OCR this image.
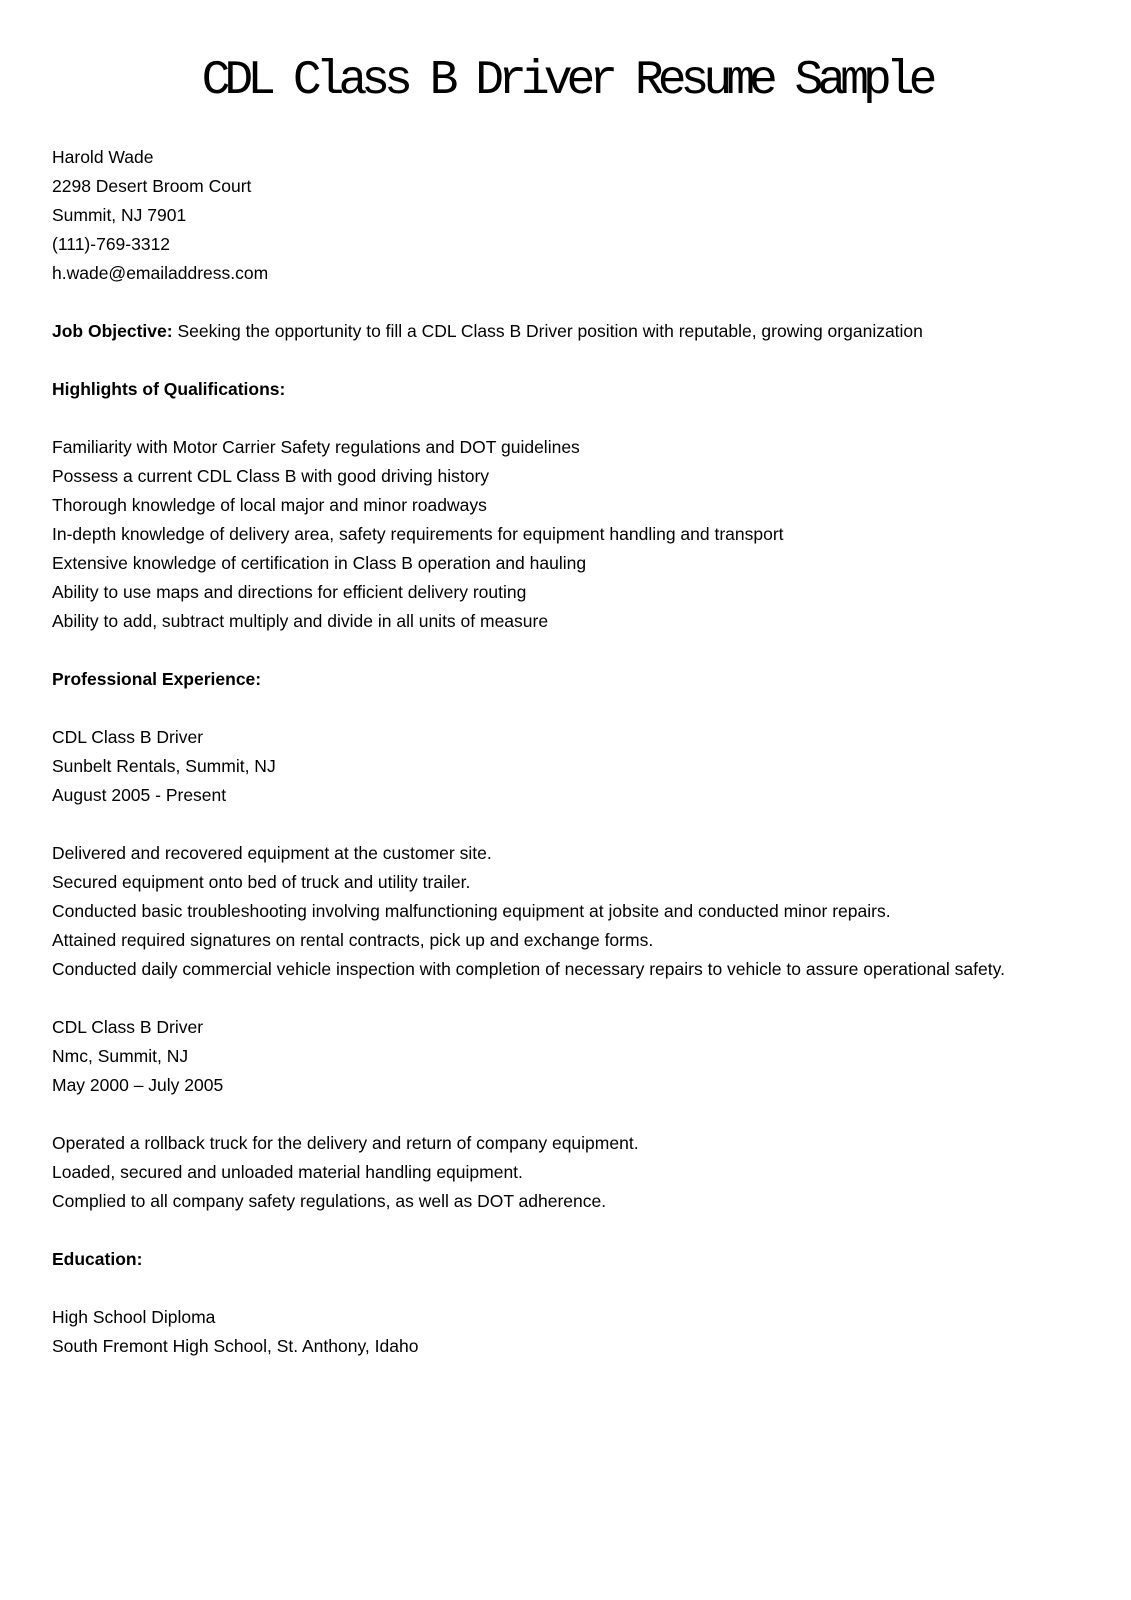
CDL Class B Driver Resume Sample
Harold Wade
2298 Desert Broom Court
Summit, NJ 7901
(111)-769-3312
h.wade@emailaddress.com
Job Objective: Seeking the opportunity to fill a CDL Class B Driver position with reputable, growing organization
Highlights of Qualifications:
Familiarity with Motor Carrier Safety regulations and DOT guidelines
Possess a current CDL Class B with good driving history
Thorough knowledge of local major and minor roadways
In-depth knowledge of delivery area, safety requirements for equipment handling and transport
Extensive knowledge of certification in Class B operation and hauling
Ability to use maps and directions for efficient delivery routing
Ability to add, subtract multiply and divide in all units of measure
Professional Experience:
CDL Class B Driver
Sunbelt Rentals, Summit, NJ
August 2005 - Present
Delivered and recovered equipment at the customer site.
Secured equipment onto bed of truck and utility trailer.
Conducted basic troubleshooting involving malfunctioning equipment at jobsite and conducted minor repairs.
Attained required signatures on rental contracts, pick up and exchange forms.
Conducted daily commercial vehicle inspection with completion of necessary repairs to vehicle to assure operational safety.
CDL Class B Driver
Nmc, Summit, NJ
May 2000 – July 2005
Operated a rollback truck for the delivery and return of company equipment.
Loaded, secured and unloaded material handling equipment.
Complied to all company safety regulations, as well as DOT adherence.
Education:
High School Diploma
South Fremont High School, St. Anthony, Idaho
